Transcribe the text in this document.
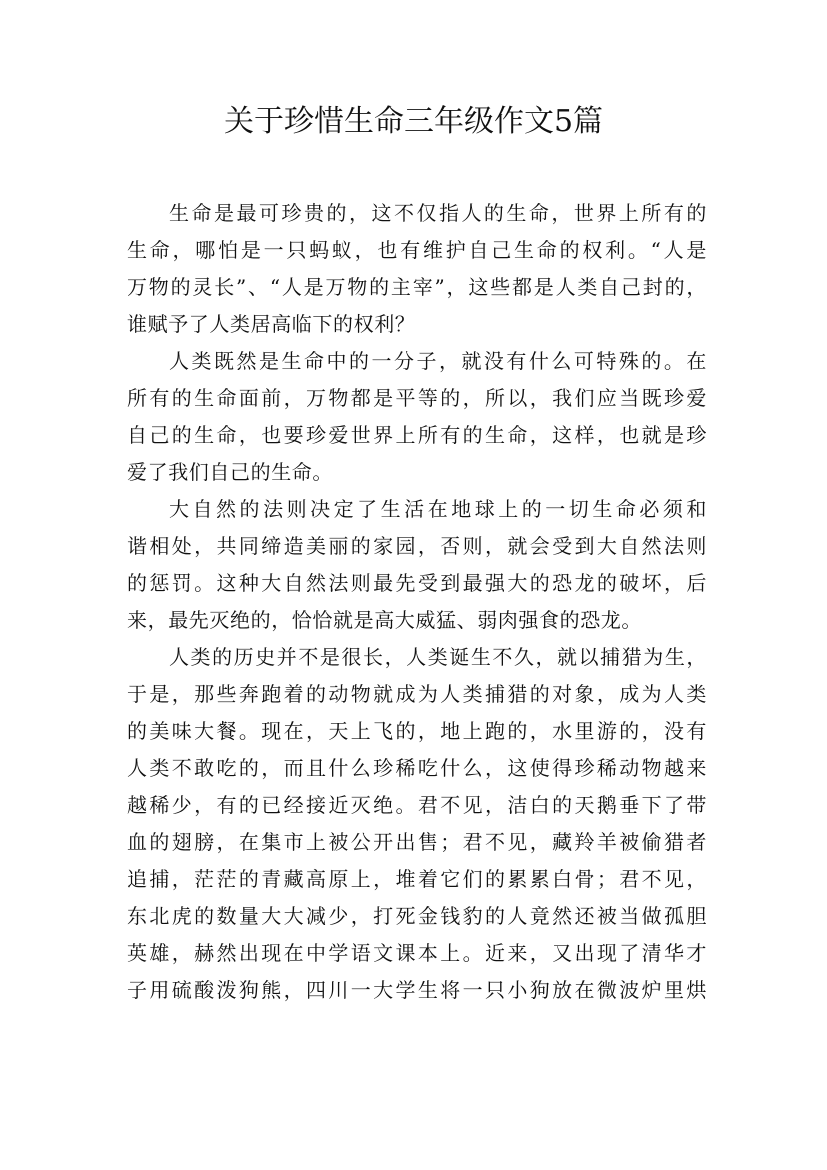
关于珍惜生命三年级作文5篇
生命是最可珍贵的，这不仅指人的生命，世界上所有的
生命，哪怕是一只蚂蚁，也有维护自己生命的权利。“人是
万物的灵长”、“人是万物的主宰”，这些都是人类自己封的，
谁赋予了人类居高临下的权利？
人类既然是生命中的一分子，就没有什么可特殊的。在
所有的生命面前，万物都是平等的，所以，我们应当既珍爱
自己的生命，也要珍爱世界上所有的生命，这样，也就是珍
爱了我们自己的生命。
大自然的法则决定了生活在地球上的一切生命必须和
谐相处，共同缔造美丽的家园，否则，就会受到大自然法则
的惩罚。这种大自然法则最先受到最强大的恐龙的破坏，后
来，最先灭绝的，恰恰就是高大威猛、弱肉强食的恐龙。
人类的历史并不是很长，人类诞生不久，就以捕猎为生，
于是，那些奔跑着的动物就成为人类捕猎的对象，成为人类
的美味大餐。现在，天上飞的，地上跑的，水里游的，没有
人类不敢吃的，而且什么珍稀吃什么，这使得珍稀动物越来
越稀少，有的已经接近灭绝。君不见，洁白的天鹅垂下了带
血的翅膀，在集市上被公开出售；君不见，藏羚羊被偷猎者
追捕，茫茫的青藏高原上，堆着它们的累累白骨；君不见，
东北虎的数量大大减少，打死金钱豹的人竟然还被当做孤胆
英雄，赫然出现在中学语文课本上。近来，又出现了清华才
子用硫酸泼狗熊，四川一大学生将一只小狗放在微波炉里烘
